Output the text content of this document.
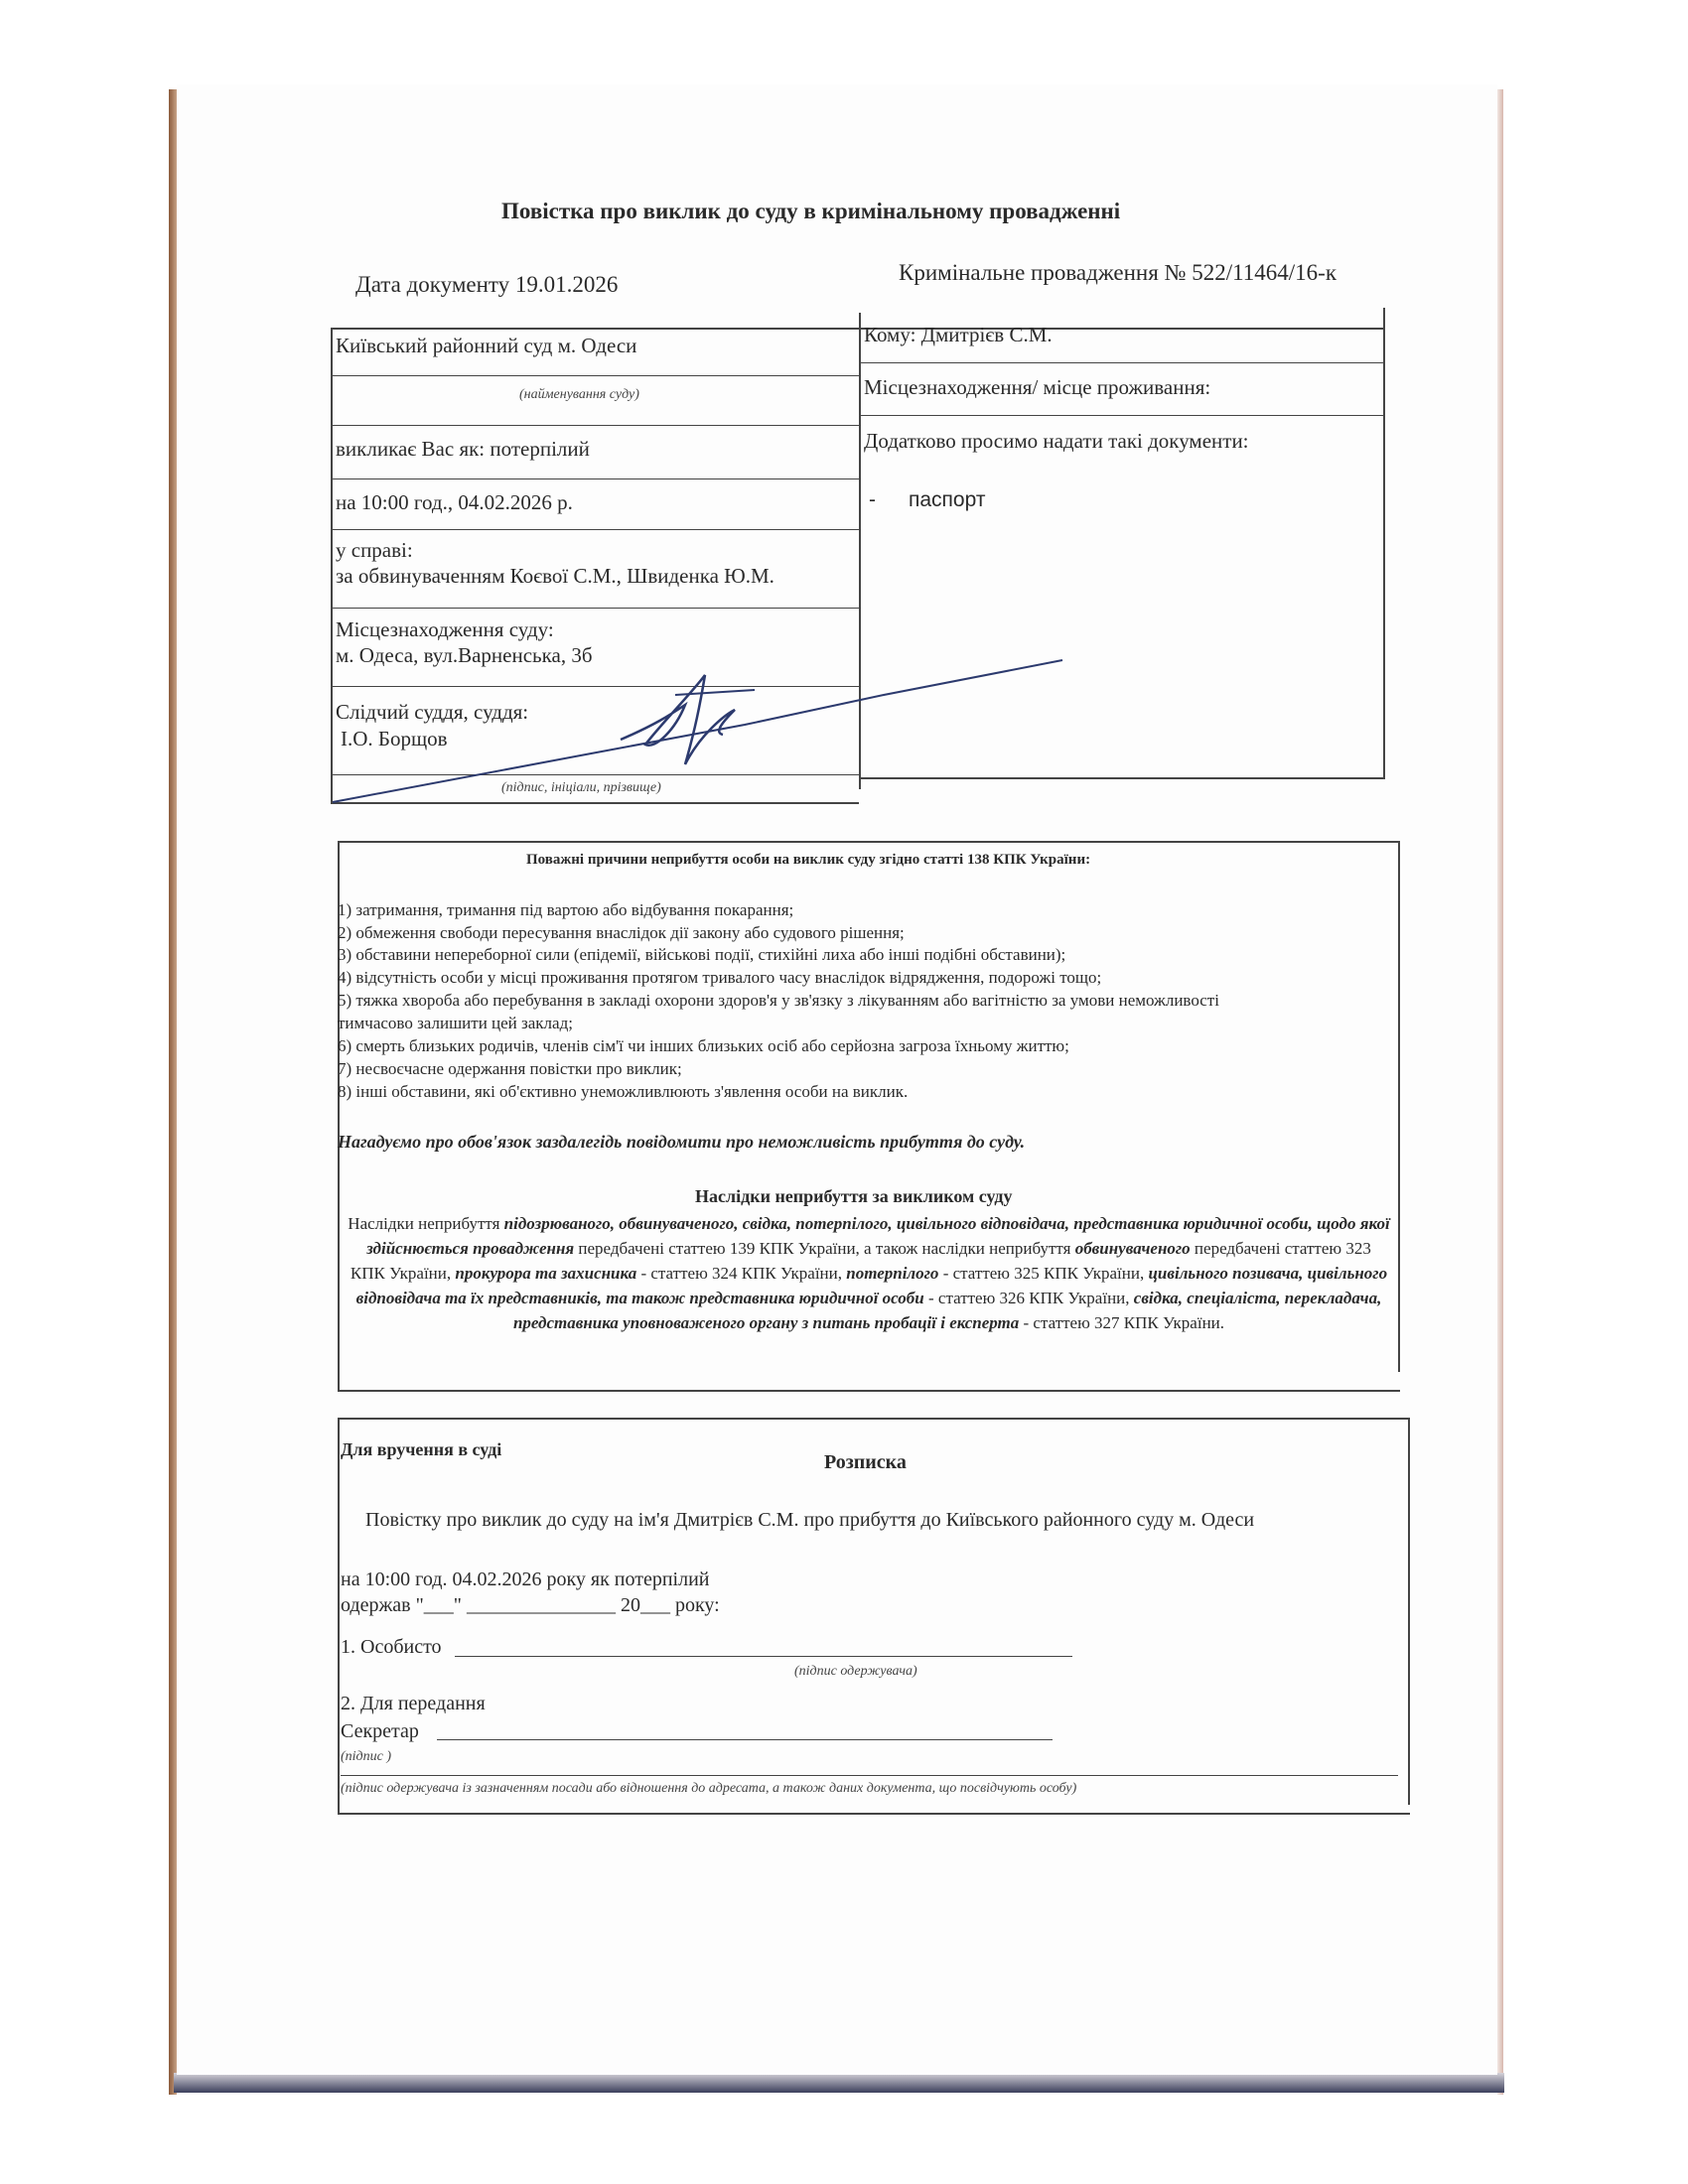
Повістка про виклик до суду в кримінальному провадженні
Дата документу 19.01.2026	Кримінальне провадження № 522/11464/16-к
Київський районний суд м. Одеси
(найменування суду)
викликає Вас як: потерпілий
на 10:00 год., 04.02.2026 р.
у справі:
за обвинуваченням Коєвої С.М., Швиденка Ю.М.
Місцезнаходження суду:
м. Одеса, вул.Варненська, 3б
Слідчий суддя, суддя:
І.О. Борщов
(підпис, ініціали, прізвище)
Кому: Дмитрієв С.М.
Місцезнаходження/ місце проживання:
Додатково просимо надати такі документи:
- паспорт
Поважні причини неприбуття особи на виклик суду згідно статті 138 КПК України:
1) затримання, тримання під вартою або відбування покарання;
2) обмеження свободи пересування внаслідок дії закону або судового рішення;
3) обставини непереборної сили (епідемії, військові події, стихійні лиха або інші подібні обставини);
4) відсутність особи у місці проживання протягом тривалого часу внаслідок відрядження, подорожі тощо;
5) тяжка хвороба або перебування в закладі охорони здоров'я у зв'язку з лікуванням або вагітністю за умови неможливості
тимчасово залишити цей заклад;
6) смерть близьких родичів, членів сім'ї чи інших близьких осіб або серйозна загроза їхньому життю;
7) несвоєчасне одержання повістки про виклик;
8) інші обставини, які об'єктивно унеможливлюють з'явлення особи на виклик.
Нагадуємо про обов'язок заздалегідь повідомити про неможливість прибуття до суду.
Наслідки неприбуття за викликом суду
Наслідки неприбуття підозрюваного, обвинуваченого, свідка, потерпілого, цивільного відповідача, представника юридичної особи, щодо якої здійснюється провадження передбачені статтею 139 КПК України, а також наслідки неприбуття обвинуваченого передбачені статтею 323 КПК України, прокурора та захисника - статтею 324 КПК України, потерпілого - статтею 325 КПК України, цивільного позивача, цивільного відповідача та їх представників, та також представника юридичної особи - статтею 326 КПК України, свідка, спеціаліста, перекладача, представника уповноваженого органу з питань пробації і експерта - статтею 327 КПК України.
Для вручення в суді
Розписка
Повістку про виклик до суду на ім'я Дмитрієв С.М. про прибуття до Київського районного суду м. Одеси
на 10:00 год. 04.02.2026 року як потерпілий
одержав "___" _______________ 20___ року:
1. Особисто
(підпис одержувача)
2. Для передання
Секретар
(підпис )
(підпис одержувача із зазначенням посади або відношення до адресата, а також даних документа, що посвідчують особу)
